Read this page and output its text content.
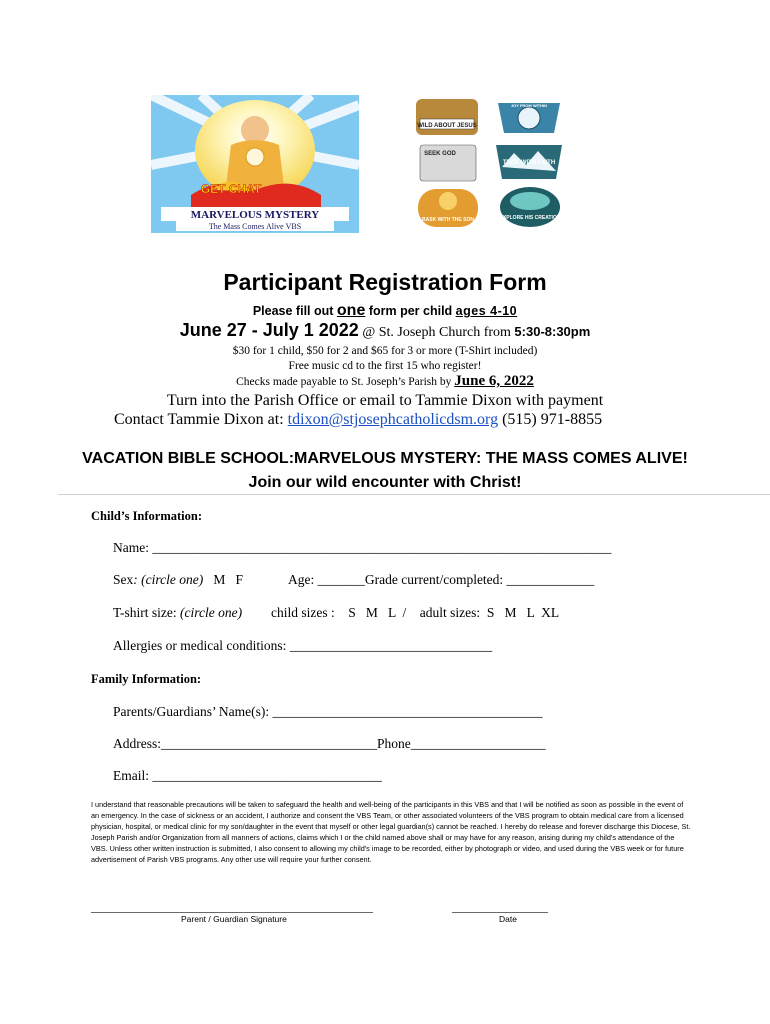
MARVELOUS MYSTERY
The Mass Comes Alive VBS
GET CHAT
WILD ABOUT JESUS
JOY FROM WITHIN
SEEK GOD
TREK WITH FAITH
BASK WITH THE SON	EXPLORE HIS CREATION
Participant Registration Form
Please fill out one form per child ages 4-10
June 27 - July 1 2022 @ St. Joseph Church from 5:30-8:30pm
$30 for 1 child, $50 for 2 and $65 for 3 or more (T-Shirt included)
Free music cd to the first 15 who register!
Checks made payable to St. Joseph’s Parish by June 6, 2022
Turn into the Parish Office or email to Tammie Dixon with payment
Contact Tammie Dixon at: tdixon@stjosephcatholicdsm.org (515) 971-8855
VACATION BIBLE SCHOOL:MARVELOUS MYSTERY: THE MASS COMES ALIVE!
Join our wild encounter with Christ!
Child’s Information:
Name: ____________________________________________________________________
Sex: (circle one)   M   F	Age: _______Grade current/completed: _____________
T-shirt size: (circle one) child sizes :    S   M   L  /    adult sizes:  S   M   L  XL
Allergies or medical conditions: ______________________________
Family Information:
Parents/Guardians’ Name(s): ________________________________________
Address:________________________________Phone____________________
Email: __________________________________
I understand that reasonable precautions will be taken to safeguard the health and well-being of the participants in this VBS and that I will be notified as soon as possible in the event of an emergency. In the case of sickness or an accident, I authorize and consent the VBS Team, or other associated volunteers of the VBS program to obtain medical care from a licensed physician, hospital, or medical clinic for my son/daughter in the event that myself or other legal guardian(s) cannot be reached. I hereby do release and forever discharge this Diocese, St. Joseph Parish and/or Organization from all manners of actions, claims which I or the child named above shall or may have for any reason, arising during my child's attendance of the VBS. Unless other written instruction is submitted, I also consent to allowing my child's image to be recorded, either by photograph or video, and used during the VBS week or for future advertisement of Parish VBS programs. Any other use will require your further consent.
_______________________________________________
Parent / Guardian Signature
________________
Date
